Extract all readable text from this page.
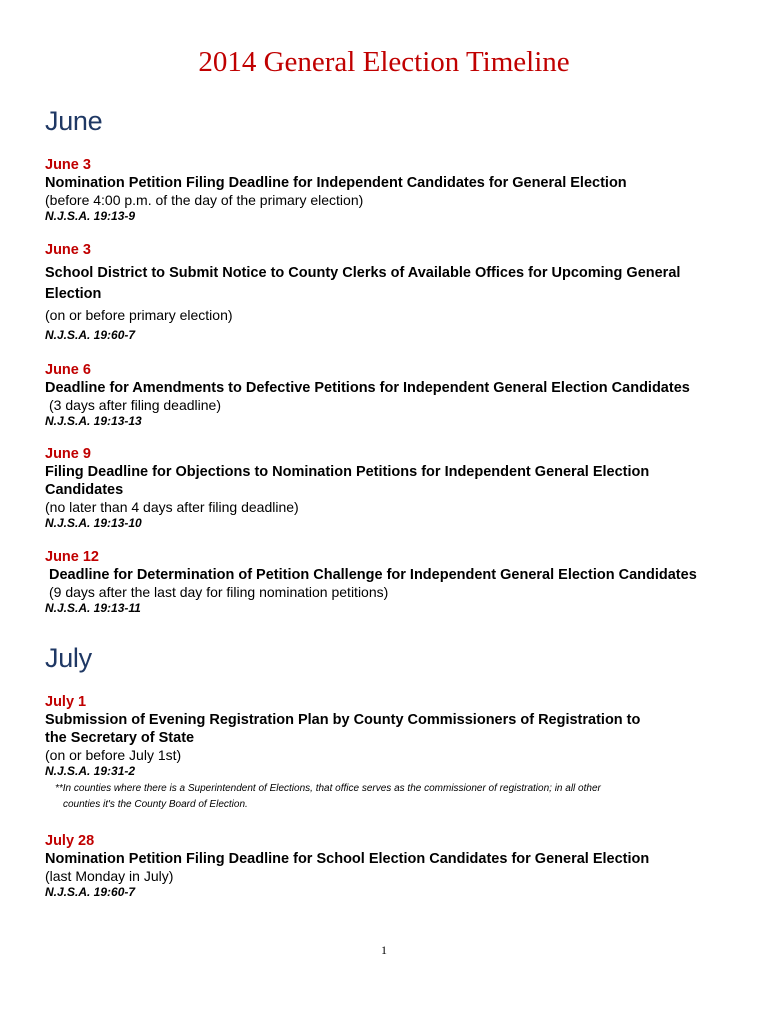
2014 General Election Timeline
June
June 3
Nomination Petition Filing Deadline for Independent Candidates for General Election
(before 4:00 p.m. of the day of the primary election)
N.J.S.A. 19:13-9
June 3
School District to Submit Notice to County Clerks of Available Offices for Upcoming General Election
(on or before primary election)
N.J.S.A. 19:60-7
June 6
Deadline for Amendments to Defective Petitions for Independent General Election Candidates
(3 days after filing deadline)
N.J.S.A. 19:13-13
June 9
Filing Deadline for Objections to Nomination Petitions for Independent General Election Candidates
(no later than 4 days after filing deadline)
N.J.S.A. 19:13-10
June 12
Deadline for Determination of Petition Challenge for Independent General Election Candidates
(9 days after the last day for filing nomination petitions)
N.J.S.A. 19:13-11
July
July 1
Submission of Evening Registration Plan by County Commissioners of Registration to
the Secretary of State
(on or before July 1st)
N.J.S.A. 19:31-2
**In counties where there is a Superintendent of Elections, that office serves as the commissioner of registration; in all other
counties it's the County Board of Election.
July 28
Nomination Petition Filing Deadline for School Election Candidates for General Election
(last Monday in July)
N.J.S.A. 19:60-7
1
